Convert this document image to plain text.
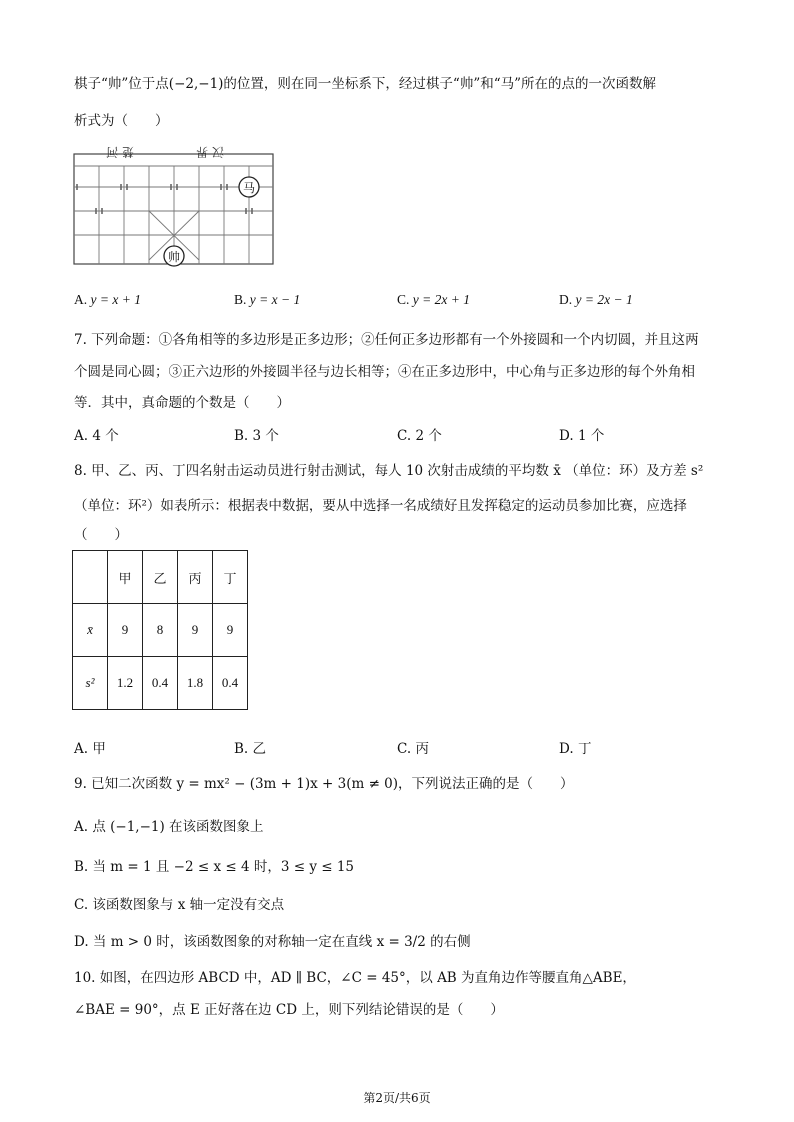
棋子“帅”位于点(−2,−1)的位置，则在同一坐标系下，经过棋子“帅”和“马”所在的点的一次函数解
析式为（　　）
楚 河	汉 界
马
帅
A. y = x + 1	B. y = x − 1	C. y = 2x + 1	D. y = 2x − 1
7. 下列命题：①各角相等的多边形是正多边形；②任何正多边形都有一个外接圆和一个内切圆，并且这两
个圆是同心圆；③正六边形的外接圆半径与边长相等；④在正多边形中，中心角与正多边形的每个外角相
等．其中，真命题的个数是（　　）
A. 4 个	B. 3 个	C. 2 个	D. 1 个
8. 甲、乙、丙、丁四名射击运动员进行射击测试，每人 10 次射击成绩的平均数 x̄ （单位：环）及方差 s²
（单位：环²）如表所示：根据表中数据，要从中选择一名成绩好且发挥稳定的运动员参加比赛，应选择
（　　）
	甲	乙	丙	丁
x̄	9	8	9	9
s²	1.2	0.4	1.8	0.4
A. 甲	B. 乙	C. 丙	D. 丁
9. 已知二次函数 y = mx² − (3m + 1)x + 3(m ≠ 0)，下列说法正确的是（　　）
A. 点 (−1,−1) 在该函数图象上
B. 当 m = 1 且 −2 ≤ x ≤ 4 时，3 ≤ y ≤ 15
C. 该函数图象与 x 轴一定没有交点
D. 当 m > 0 时，该函数图象的对称轴一定在直线 x = 3/2 的右侧
10. 如图，在四边形 ABCD 中，AD ∥ BC，∠C = 45°，以 AB 为直角边作等腰直角△ABE，
∠BAE = 90°，点 E 正好落在边 CD 上，则下列结论错误的是（　　）
第2页/共6页
